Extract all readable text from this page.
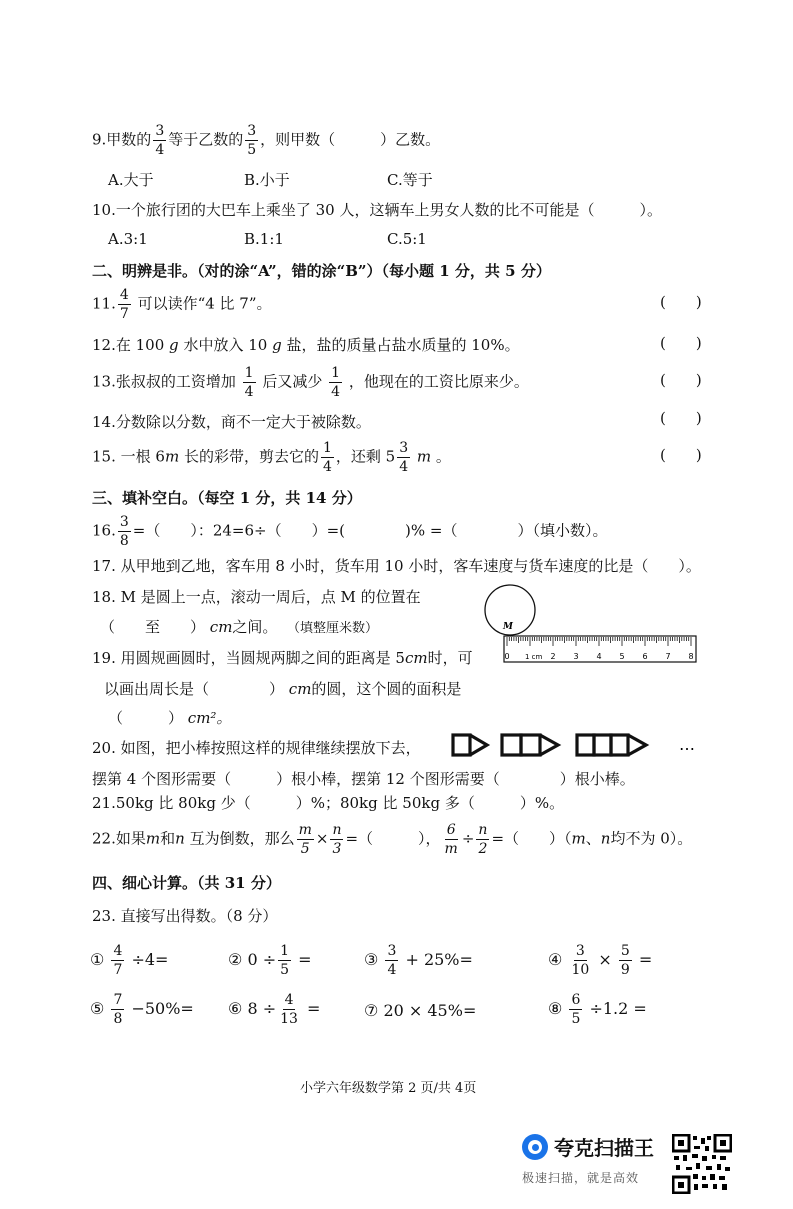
9.甲数的 $\frac{3}{4}$ 等于乙数的 $\frac{3}{5}$ ，则甲数（　　　）乙数。
A.大于	B.小于	C.等于
10.一个旅行团的大巴车上乘坐了 30 人，这辆车上男女人数的比不可能是（　　　）。
A.3:1	B.1:1	C.5:1
二、明辨是非。（对的涂“A”，错的涂“B”）（每小题 1 分，共 5 分）
11. $\frac{4}{7}$ 可以读作“4 比 7”。	(　　)
12.在 100 g 水中放入 10 g 盐，盐的质量占盐水质量的 10%。	(　　)
13.张叔叔的工资增加 $\frac{1}{4}$ 后又减少 $\frac{1}{4}$ ，他现在的工资比原来少。	(　　)
14.分数除以分数，商不一定大于被除数。	(　　)
15. 一根 6m 长的彩带，剪去它的 $\frac{1}{4}$ ，还剩 $5 \frac{3}{4}$ m 。	(　　)
三、填补空白。（每空 1 分，共 14 分）
16. $\frac{3}{8}$ =（　　）：24=6÷（　　）=(　　　　)% =（　　　　）（填小数）。
17. 从甲地到乙地，客车用 8 小时，货车用 10 小时，客车速度与货车速度的比是（　　）。
18. M 是圆上一点，滚动一周后，点 M 的位置在
（　　至　　） cm之间。 （填整厘米数）	M
0	2 3 4 5 6 7 8
1 cm
19. 用圆规画圆时，当圆规两脚之间的距离是 5cm时，可
以画出周长是（　　　　） cm的圆，这个圆的面积是
（　　　） cm²。
20. 如图，把小棒按照这样的规律继续摆放下去，	…
摆第 4 个图形需要（　　　）根小棒，摆第 12 个图形需要（　　　　）根小棒。
21.50kg 比 80kg 少（　　　）%；80kg 比 50kg 多（　　　）%。
22.如果m和n 互为倒数，那么 $\frac{m}{5} \times \frac{n}{3}$ =（　　　）， $\frac{6}{m} \div \frac{n}{2}$ =（　　）（m、n均不为 0）。
四、细心计算。（共 31 分）
23. 直接写出得数。（8 分）
① $\frac{4}{7} \div 4=$	② $0 \div \frac{1}{5}$ =	③ $\frac{3}{4} + 25\%=$	④ $\frac{3}{10} \times \frac{5}{9}$ =
⑤ $\frac{7}{8} -50\%=$ ⑥ $8 \div \frac{4}{13}$ =	⑦ 20 × 45%=	⑧ $\frac{6}{5} \div 1.2$ =
小学六年级数学第 2 页/共 4页
夸克扫描王
极速扫描，就是高效
